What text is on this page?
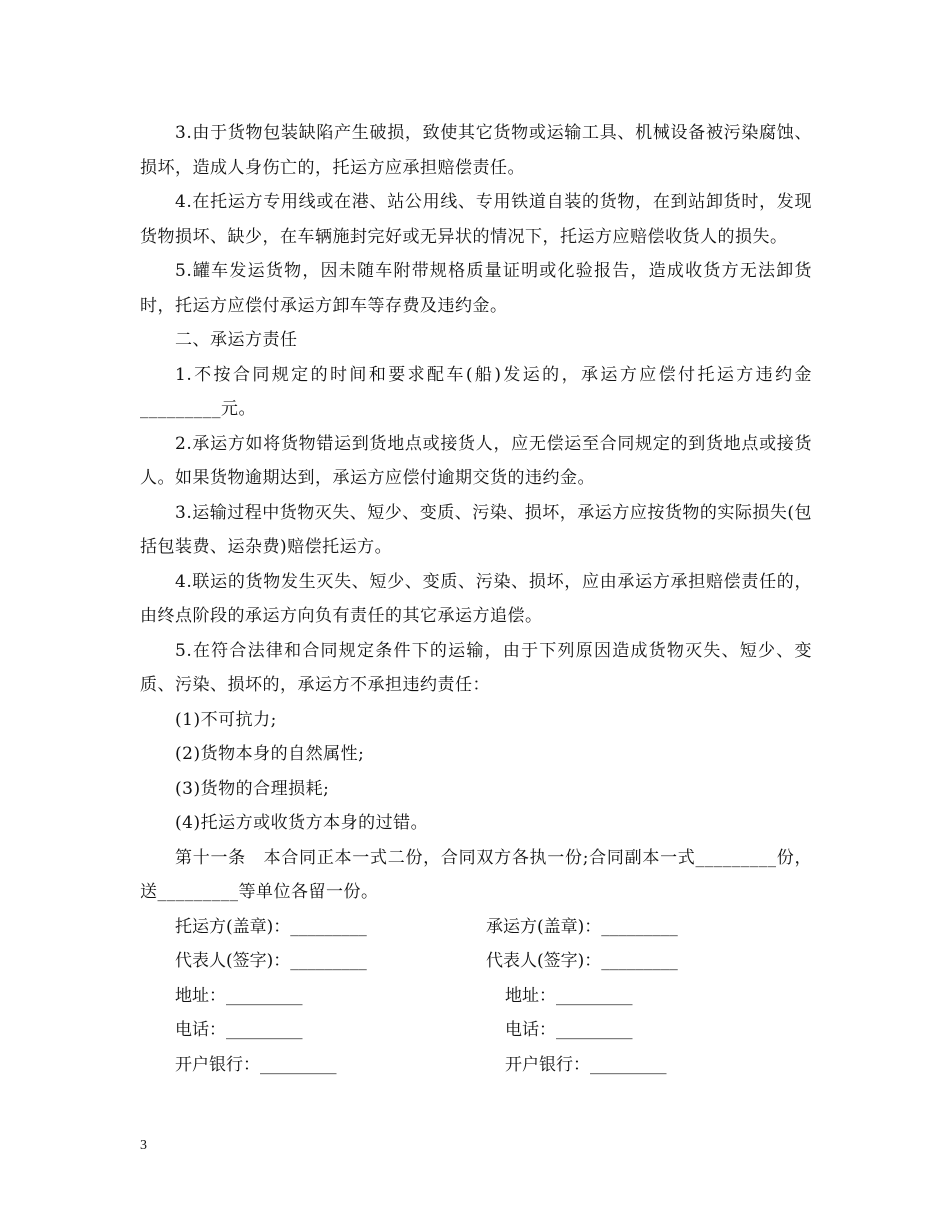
3.由于货物包装缺陷产生破损，致使其它货物或运输工具、机械设备被污染腐蚀、损坏，造成人身伤亡的，托运方应承担赔偿责任。

4.在托运方专用线或在港、站公用线、专用铁道自装的货物，在到站卸货时，发现货物损坏、缺少，在车辆施封完好或无异状的情况下，托运方应赔偿收货人的损失。

5.罐车发运货物，因未随车附带规格质量证明或化验报告，造成收货方无法卸货时，托运方应偿付承运方卸车等存费及违约金。

二、承运方责任

1.不按合同规定的时间和要求配车(船)发运的，承运方应偿付托运方违约金_________元。

2.承运方如将货物错运到货地点或接货人，应无偿运至合同规定的到货地点或接货人。如果货物逾期达到，承运方应偿付逾期交货的违约金。

3.运输过程中货物灭失、短少、变质、污染、损坏，承运方应按货物的实际损失(包括包装费、运杂费)赔偿托运方。

4.联运的货物发生灭失、短少、变质、污染、损坏，应由承运方承担赔偿责任的，由终点阶段的承运方向负有责任的其它承运方追偿。

5.在符合法律和合同规定条件下的运输，由于下列原因造成货物灭失、短少、变质、污染、损坏的，承运方不承担违约责任：

(1)不可抗力;

(2)货物本身的自然属性;

(3)货物的合理损耗;

(4)托运方或收货方本身的过错。

第十一条　本合同正本一式二份，合同双方各执一份;合同副本一式_________份，送_________等单位各留一份。

托运方(盖章)：_________	承运方(盖章)：_________
代表人(签字)：_________	代表人(签字)：_________
地址：_________	地址：_________
电话：_________	电话：_________
开户银行：_________	开户银行：_________
3
